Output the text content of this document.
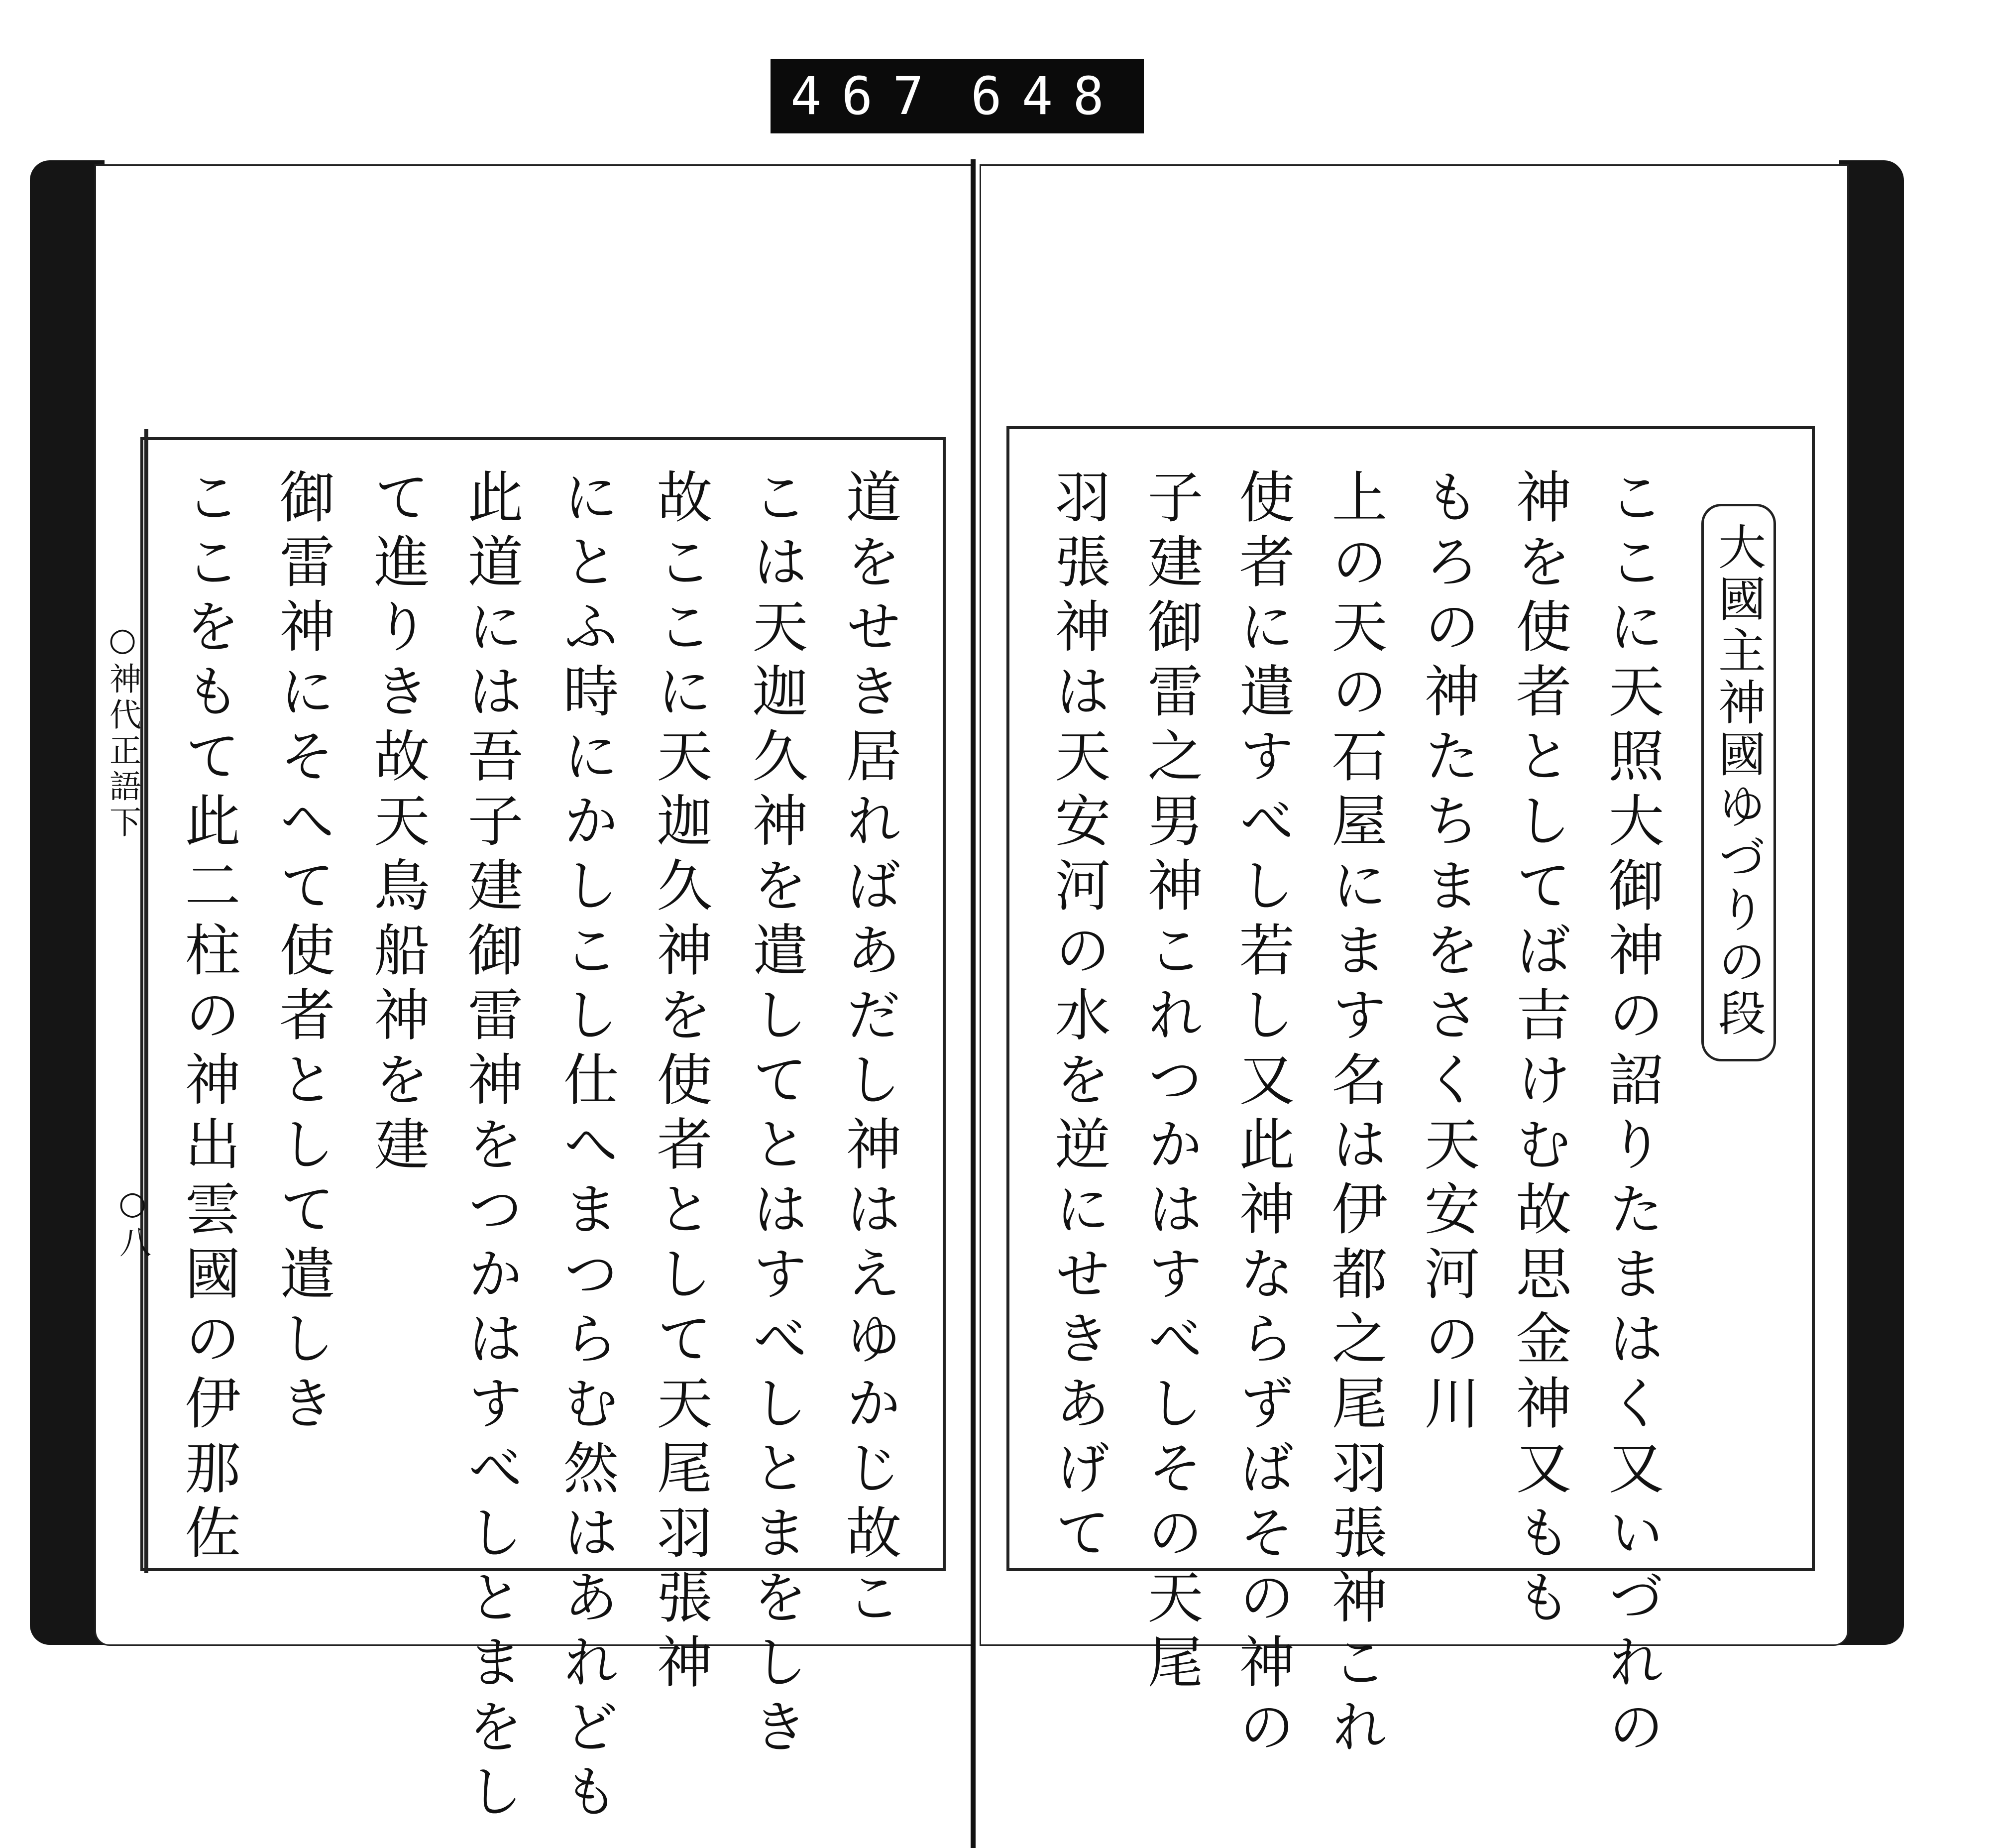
467 648
○神代正語下
○八	道をせき居ればあだし神はえゆかじ故こ
こは天迦久神を遣してとはすべしとまをしき
故ここに天迦久神を使者として天尾羽張神
にとふ時にかしこし仕へまつらむ然はあれども
此道には吾子建御雷神をつかはすべしとまをし
て進りき故天鳥船神を建
御雷神にそへて使者として遣しき
ここをもて此二柱の神出雲國の伊那佐	大國主神國ゆづりの段
ここに天照大御神の詔りたまはく又いづれの
神を使者としてば吉けむ故思金神又もも
もろの神たちまをさく天安河の川
上の天の石屋にます名は伊都之尾羽張神これ
使者に遣すべし若し又此神ならずばその神の
子建御雷之男神これつかはすべしその天尾
羽張神は天安河の水を逆にせきあげて
